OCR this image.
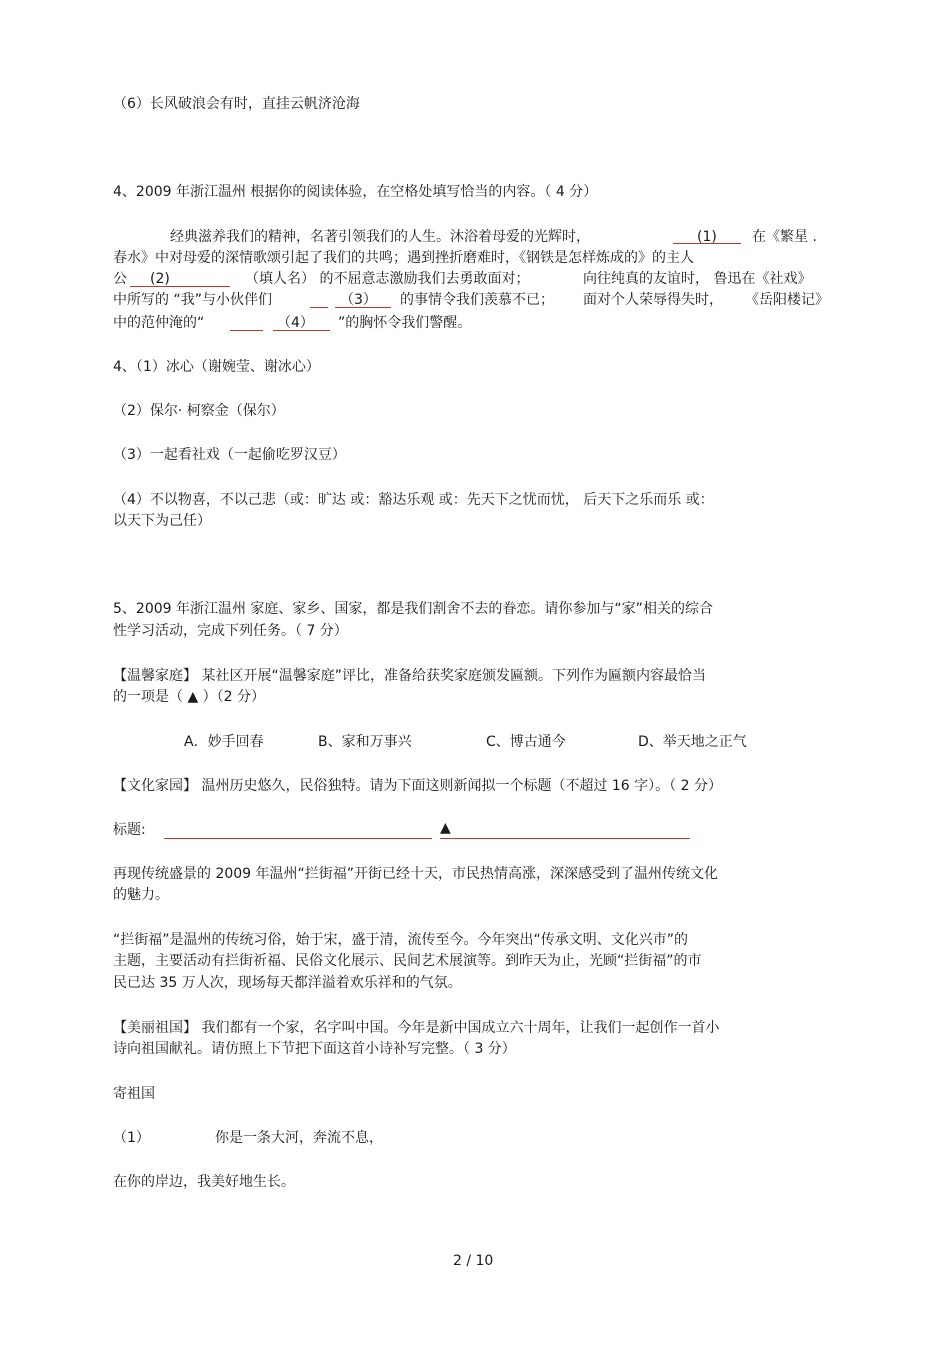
（6）长风破浪会有时，直挂云帆济沧海
4、2009 年浙江温州 根据你的阅读体验，在空格处填写恰当的内容。（ 4 分）
经典滋养我们的精神，名著引领我们的人生。沐浴着母爱的光辉时，	(1)	在《繁星 .
春水》中对母爱的深情歌颂引起了我们的共鸣；遇到挫折磨难时，《钢铁是怎样炼成的》的主人
公 (2)	（填人名） 的不屈意志激励我们去勇敢面对；	向往纯真的友谊时， 鲁迅在《社戏》
中所写的 “我”与小伙伴们	（3） 的事情令我们羡慕不已； 面对个人荣辱得失时， 《岳阳楼记》
中的范仲淹的“	（4） ”的胸怀令我们警醒。
4、（1）冰心（谢婉莹、谢冰心）
（2）保尔· 柯察金（保尔）
（3）一起看社戏（一起偷吃罗汉豆）
（4）不以物喜，不以己悲（或：旷达 或：豁达乐观 或：先天下之忧而忧， 后天下之乐而乐 或：
以天下为己任）
5、2009 年浙江温州 家庭、家乡、国家，都是我们割舍不去的眷恋。请你参加与“家”相关的综合
性学习活动，完成下列任务。（ 7 分）
【温馨家庭】 某社区开展“温馨家庭”评比，准备给获奖家庭颁发匾额。下列作为匾额内容最恰当
的一项是（ ▲ ）（2 分）
A．妙手回春	B、家和万事兴	C、博古通今	D、举天地之正气
【文化家园】 温州历史悠久，民俗独特。请为下面这则新闻拟一个标题（不超过 16 字）。（ 2 分）
标题:	▲
再现传统盛景的 2009 年温州“拦街福”开街已经十天，市民热情高涨，深深感受到了温州传统文化
的魅力。
“拦街福”是温州的传统习俗，始于宋，盛于清，流传至今。今年突出“传承文明、文化兴市”的
主题，主要活动有拦街祈福、民俗文化展示、民间艺术展演等。到昨天为止，光顾“拦街福”的市
民已达 35 万人次，现场每天都洋溢着欢乐祥和的气氛。
【美丽祖国】 我们都有一个家，名字叫中国。今年是新中国成立六十周年，让我们一起创作一首小
诗向祖国献礼。请仿照上下节把下面这首小诗补写完整。（ 3 分）
寄祖国
（1）	你是一条大河，奔流不息，
在你的岸边，我美好地生长。
2 / 10
